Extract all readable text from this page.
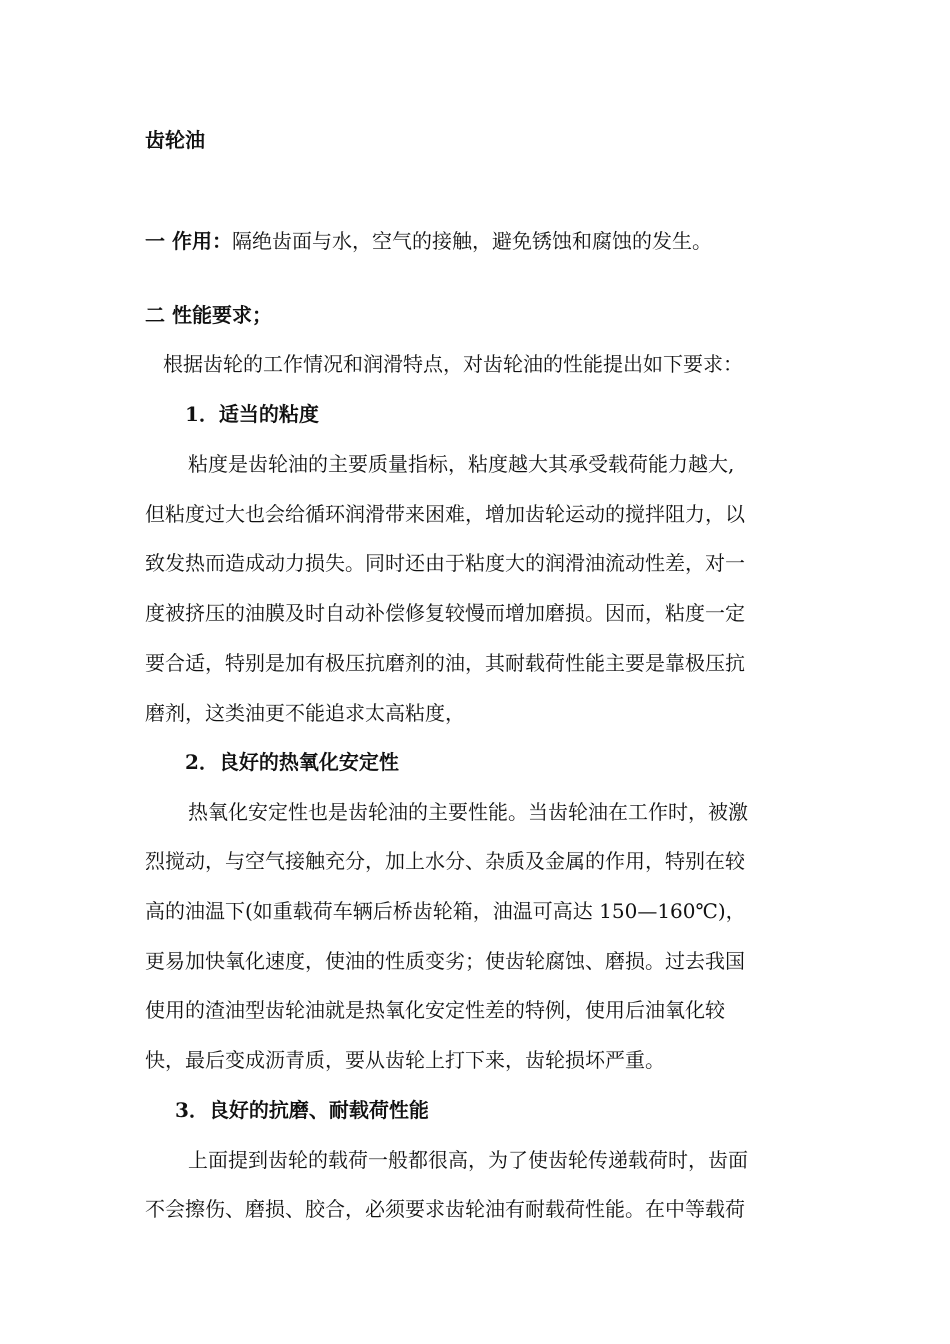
齿轮油
一 作用：隔绝齿面与水，空气的接触，避免锈蚀和腐蚀的发生。
二 性能要求；
根据齿轮的工作情况和润滑特点，对齿轮油的性能提出如下要求：
1．适当的粘度
粘度是齿轮油的主要质量指标，粘度越大其承受载荷能力越大,
但粘度过大也会给循环润滑带来困难，增加齿轮运动的搅拌阻力，以
致发热而造成动力损失。同时还由于粘度大的润滑油流动性差，对一
度被挤压的油膜及时自动补偿修复较慢而增加磨损。因而，粘度一定
要合适，特别是加有极压抗磨剂的油，其耐载荷性能主要是靠极压抗
磨剂，这类油更不能追求太高粘度，
2．良好的热氧化安定性
热氧化安定性也是齿轮油的主要性能。当齿轮油在工作时，被激
烈搅动，与空气接触充分，加上水分、杂质及金属的作用，特别在较
高的油温下(如重载荷车辆后桥齿轮箱，油温可高达 150—160℃)，
更易加快氧化速度，使油的性质变劣；使齿轮腐蚀、磨损。过去我国
使用的渣油型齿轮油就是热氧化安定性差的特例，使用后油氧化较
快，最后变成沥青质，要从齿轮上打下来，齿轮损坏严重。
3．良好的抗磨、耐载荷性能
上面提到齿轮的载荷一般都很高，为了使齿轮传递载荷时，齿面
不会擦伤、磨损、胶合，必须要求齿轮油有耐载荷性能。在中等载荷
